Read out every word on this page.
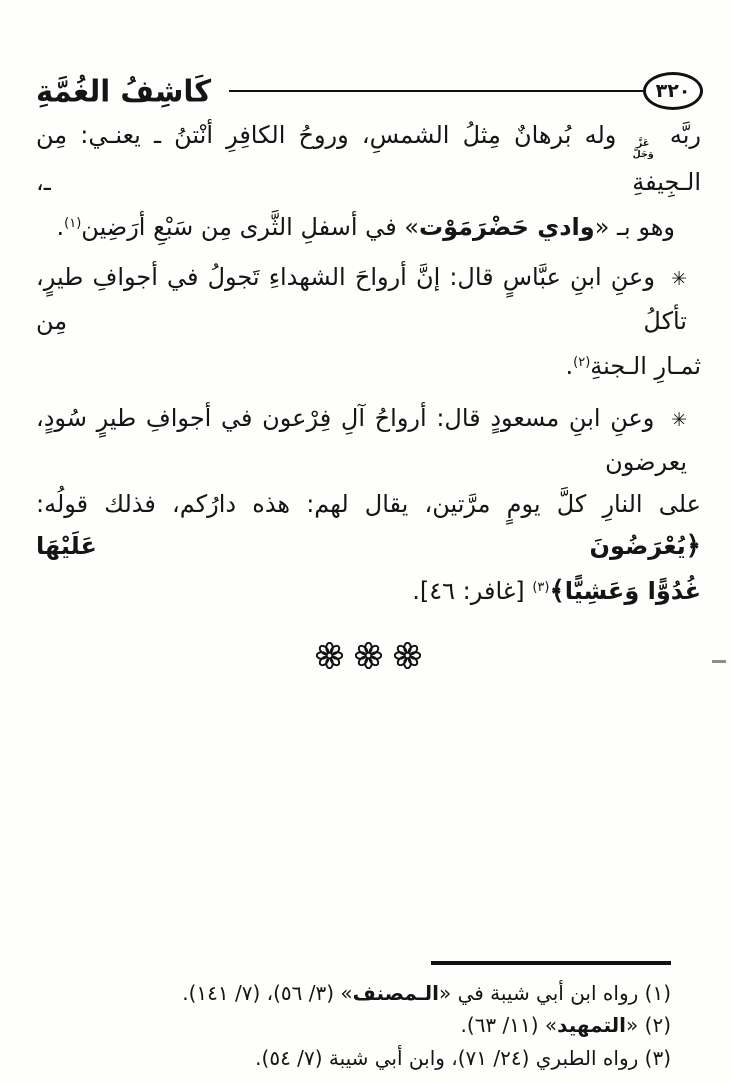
٣٢٠
كَاشِفُ الغُمَّةِ
ربَّه
عَزَّ
وَجَلَّ
وله بُرهانٌ مِثلُ الشمسِ، وروحُ الكافِرِ أنْتنُ ـ يعنـي: مِن الـجِيفةِ ـ،
وهو بـ «وادي حَضْرَمَوْت» في أسفلِ الثَّرى مِن سَبْعِ أرَضِين$^{(١)}$.
✳ وعنِ ابنِ عبَّاسٍ قال: إنَّ أرواحَ الشهداءِ تَجولُ في أجوافِ طيرٍ، تأكلُ مِن
ثمـارِ الـجنةِ$^{(٢)}$.
✳ وعنِ ابنِ مسعودٍ قال: أرواحُ آلِ فِرْعون في أجوافِ طيرٍ سُودٍ، يعرضون
على النارِ كلَّ يومٍ مرَّتين، يقال لهم: هذه دارُكم، فذلك قولُه: ﴿يُعْرَضُونَ عَلَيْهَا
غُدُوًّا وَعَشِيًّا﴾$^{(٣)}$ [غافر: ٤٦].
(١) رواه ابن أبي شيبة في «الـمصنف» (٣/ ٥٦)، (٧/ ١٤١).
(٢) «التمهيد» (١١/ ٦٣).
(٣) رواه الطبري (٢٤/ ٧١)، وابن أبي شيبة (٧/ ٥٤).
